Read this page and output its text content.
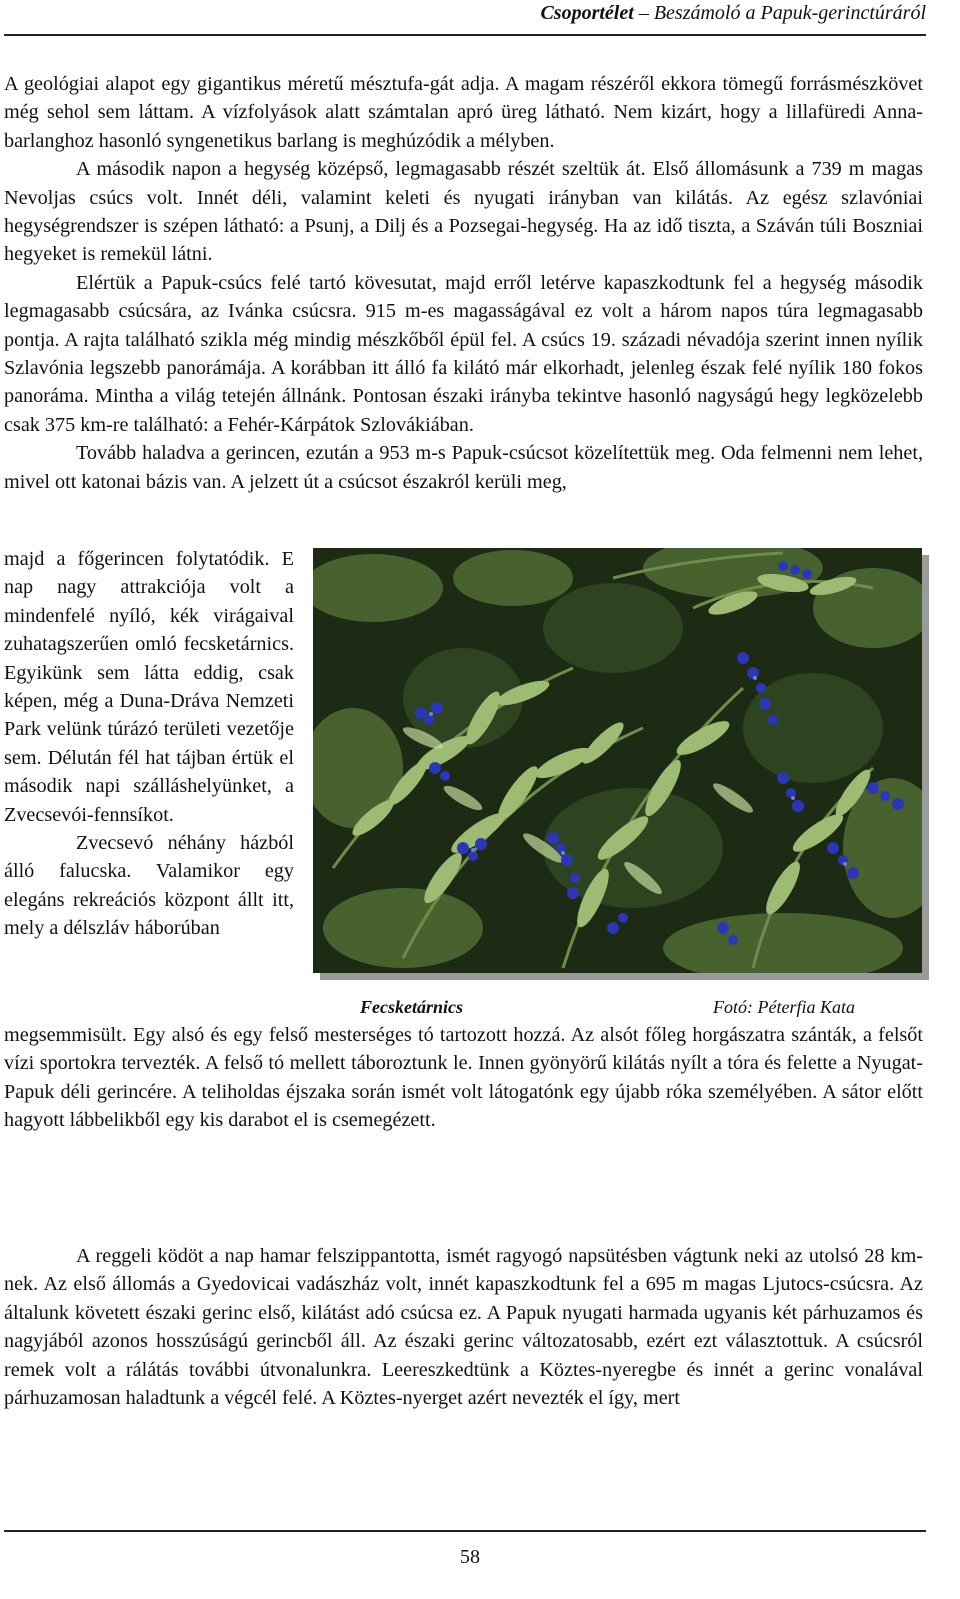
Csoportélet – Beszámoló a Papuk-gerinctúráról

A geológiai alapot egy gigantikus méretű mésztufa-gát adja. A magam részéről ekkora tömegű forrásmészkövet még sehol sem láttam. A vízfolyások alatt számtalan apró üreg látható. Nem kizárt, hogy a lillafüredi Anna-barlanghoz hasonló syngenetikus barlang is meghúzódik a mélyben.

A második napon a hegység középső, legmagasabb részét szeltük át. Első állomásunk a 739 m magas Nevoljas csúcs volt. Innét déli, valamint keleti és nyugati irányban van kilátás. Az egész szlavóniai hegységrendszer is szépen látható: a Psunj, a Dilj és a Pozsegai-hegység. Ha az idő tiszta, a Száván túli Boszniai hegyeket is remekül látni.

Elértük a Papuk-csúcs felé tartó kövesutat, majd erről letérve kapaszkodtunk fel a hegység második legmagasabb csúcsára, az Ivánka csúcsra. 915 m-es magasságával ez volt a három napos túra legmagasabb pontja. A rajta található szikla még mindig mészkőből épül fel. A csúcs 19. századi névadója szerint innen nyílik Szlavónia legszebb panorámája. A korábban itt álló fa kilátó már elkorhadt, jelenleg észak felé nyílik 180 fokos panoráma. Mintha a világ tetején állnánk. Pontosan északi irányba tekintve hasonló nagyságú hegy legközelebb csak 375 km-re található: a Fehér-Kárpátok Szlovákiában.

Tovább haladva a gerincen, ezután a 953 m-s Papuk-csúcsot közelítettük meg. Oda felmenni nem lehet, mivel ott katonai bázis van. A jelzett út a csúcsot északról kerüli meg,

majd a főgerincen folytatódik. E nap nagy attrakciója volt a mindenfelé nyíló, kék virágaival zuhatagszerűen omló fecsketárnics. Egyikünk sem látta eddig, csak képen, még a Duna-Dráva Nemzeti Park velünk túrázó területi vezetője sem. Délután fél hat tájban értük el második napi szálláshelyünket, a Zvecsevói-fennsíkot.

Zvecsevó néhány házból álló falucska. Valamikor egy elegáns rekreációs központ állt itt, mely a délszláv háborúban

Fecsketárnics	Fotó: Péterfia Kata

megsemmisült. Egy alsó és egy felső mesterséges tó tartozott hozzá. Az alsót főleg horgászatra szánták, a felsőt vízi sportokra tervezték. A felső tó mellett táboroztunk le. Innen gyönyörű kilátás nyílt a tóra és felette a Nyugat-Papuk déli gerincére. A teliholdas éjszaka során ismét volt látogatónk egy újabb róka személyében. A sátor előtt hagyott lábbelikből egy kis darabot el is csemegézett.

A reggeli ködöt a nap hamar felszippantotta, ismét ragyogó napsütésben vágtunk neki az utolsó 28 km-nek. Az első állomás a Gyedovicai vadászház volt, innét kapaszkodtunk fel a 695 m magas Ljutocs-csúcsra. Az általunk követett északi gerinc első, kilátást adó csúcsa ez. A Papuk nyugati harmada ugyanis két párhuzamos és nagyjából azonos hosszúságú gerincből áll. Az északi gerinc változatosabb, ezért ezt választottuk. A csúcsról remek volt a rálátás további útvonalunkra. Leereszkedtünk a Köztes-nyeregbe és innét a gerinc vonalával párhuzamosan haladtunk a végcél felé. A Köztes-nyerget azért nevezték el így, mert

58
